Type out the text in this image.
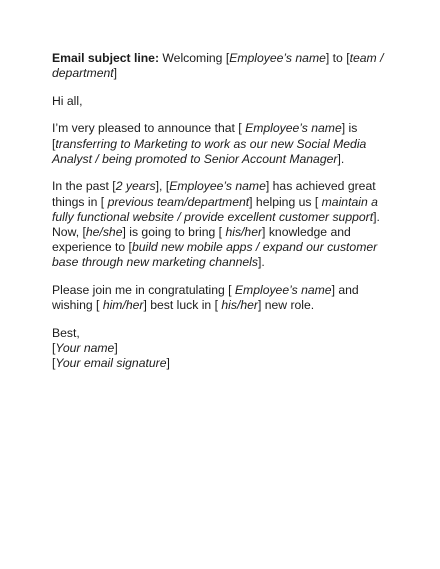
Email subject line: Welcoming [Employee’s name] to [team / department]

Hi all,

I’m very pleased to announce that [ Employee’s name] is [transferring to Marketing to work as our new Social Media Analyst / being promoted to Senior Account Manager].

In the past [2 years], [Employee’s name] has achieved great things in [ previous team/department] helping us [ maintain a fully functional website / provide excellent customer support]. Now, [he/she] is going to bring [ his/her] knowledge and experience to [build new mobile apps / expand our customer base through new marketing channels].

Please join me in congratulating [ Employee’s name] and wishing [ him/her] best luck in [ his/her] new role.

Best,

[Your name]

[Your email signature]
